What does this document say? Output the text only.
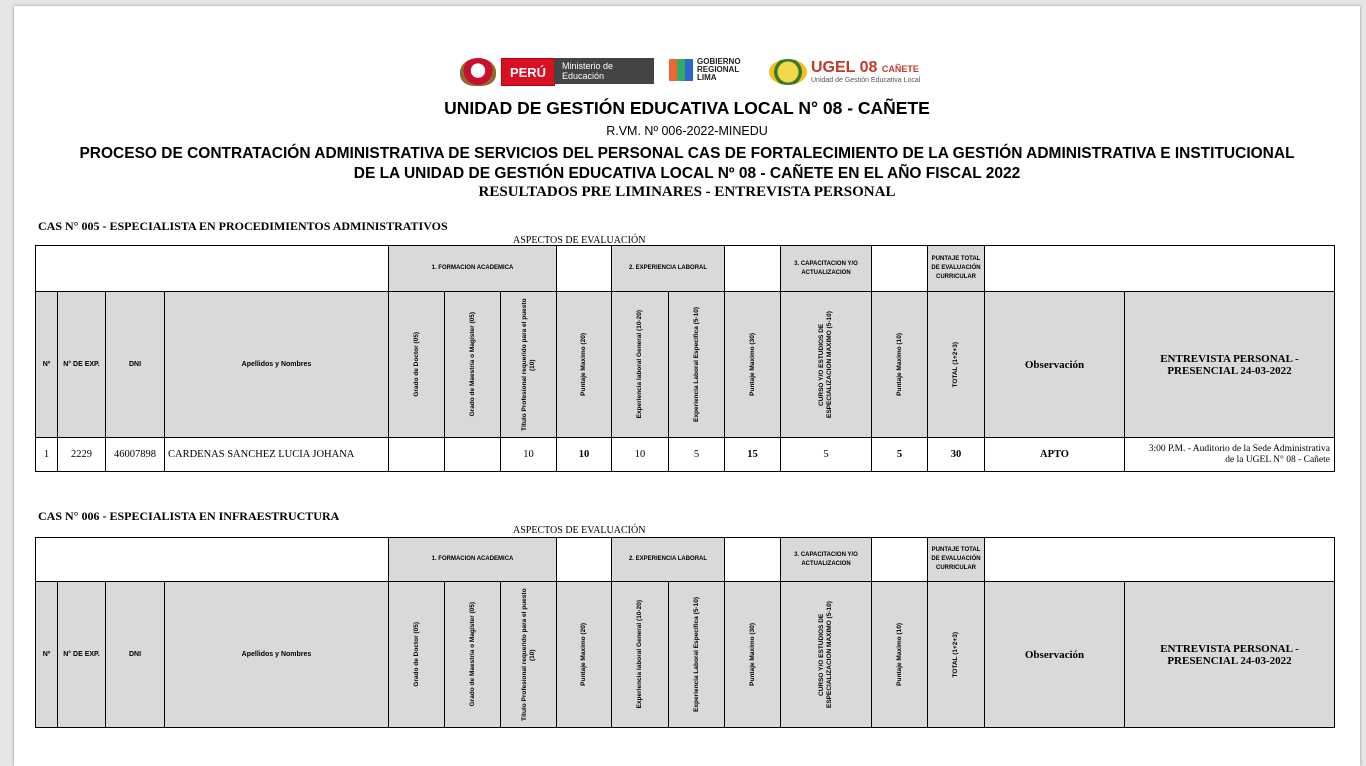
PERÚ	Ministerio de Educación
GOBIERNO
REGIONAL
LIMA
UGEL 08 CAÑETE
Unidad de Gestión Educativa Local
UNIDAD DE GESTIÓN EDUCATIVA LOCAL N° 08 - CAÑETE
R.VM. Nº 006-2022-MINEDU
PROCESO DE CONTRATACIÓN ADMINISTRATIVA DE SERVICIOS DEL PERSONAL CAS DE FORTALECIMIENTO DE LA GESTIÓN ADMINISTRATIVA E INSTITUCIONAL
DE LA UNIDAD DE GESTIÓN EDUCATIVA LOCAL Nº 08 - CAÑETE EN EL AÑO FISCAL 2022
RESULTADOS PRE LIMINARES - ENTREVISTA PERSONAL
CAS N° 005 - ESPECIALISTA EN PROCEDIMIENTOS ADMINISTRATIVOS
ASPECTOS DE EVALUACIÓN
				1. FORMACION ACADEMICA				2. EXPERIENCIA LABORAL			3. CAPACITACION Y/O ACTUALIZACION		PUNTAJE TOTAL DE EVALUACIÓN CURRICULAR		
Nº	N° DE EXP.	DNI	Apellidos y Nombres	Grado de Doctor (05)	Grado de Maestría o Magíster (05)	Título Profesional requerido para el puesto (10)	Puntaje Maximo (20)	Experiencia laboral General (10-20)	Experiencia Laboral Especifica (5-10)	Puntaje Maximo (30)	CURSO Y/O ESTUDIOS DE ESPECIALIZACION MAXIMO (5-10)	Puntaje Maximo (10)	TOTAL (1+2+3)	Observación	ENTREVISTA PERSONAL - PRESENCIAL 24-03-2022
1	2229	46007898	CARDENAS SANCHEZ LUCIA JOHANA			10	10	10	5	15	5	5	30	APTO	3:00 P.M. - Auditorio de la Sede Administrativa
de la UGEL N° 08 - Cañete
CAS N° 006 - ESPECIALISTA EN INFRAESTRUCTURA
ASPECTOS DE EVALUACIÓN
				1. FORMACION ACADEMICA				2. EXPERIENCIA LABORAL			3. CAPACITACION Y/O ACTUALIZACION		PUNTAJE TOTAL DE EVALUACIÓN CURRICULAR		
Nº	N° DE EXP.	DNI	Apellidos y Nombres	Grado de Doctor (05)	Grado de Maestría o Magíster (05)	Título Profesional requerido para el puesto (10)	Puntaje Maximo (20)	Experiencia laboral General (10-20)	Experiencia Laboral Especifica (5-10)	Puntaje Maximo (30)	CURSO Y/O ESTUDIOS DE ESPECIALIZACION MAXIMO (5-10)	Puntaje Maximo (10)	TOTAL (1+2+3)	Observación	ENTREVISTA PERSONAL - PRESENCIAL 24-03-2022
